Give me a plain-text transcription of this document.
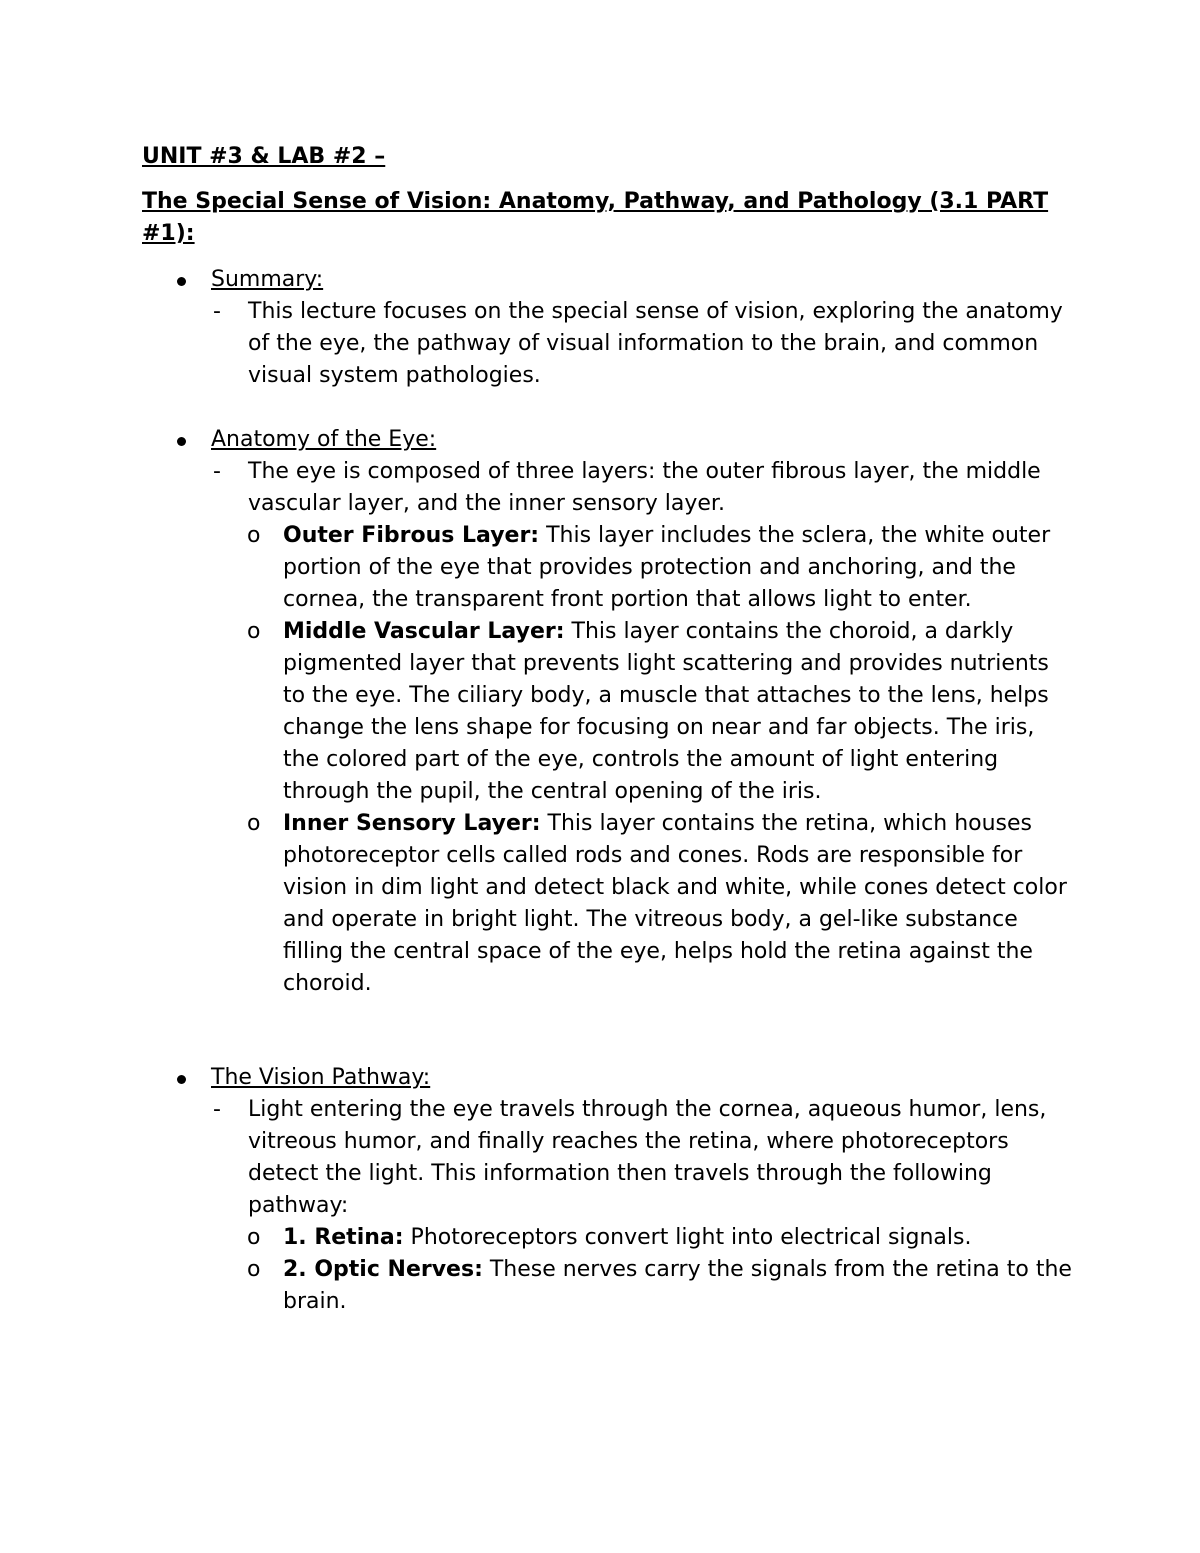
UNIT #3 & LAB #2 –

The Special Sense of Vision: Anatomy, Pathway, and Pathology (3.1 PART #1):

Summary:
- This lecture focuses on the special sense of vision, exploring the anatomy of the eye, the pathway of visual information to the brain, and common visual system pathologies.
Anatomy of the Eye:
- The eye is composed of three layers: the outer fibrous layer, the middle vascular layer, and the inner sensory layer.
o Outer Fibrous Layer: This layer includes the sclera, the white outer portion of the eye that provides protection and anchoring, and the cornea, the transparent front portion that allows light to enter.
o Middle Vascular Layer: This layer contains the choroid, a darkly pigmented layer that prevents light scattering and provides nutrients to the eye. The ciliary body, a muscle that attaches to the lens, helps change the lens shape for focusing on near and far objects. The iris, the colored part of the eye, controls the amount of light entering through the pupil, the central opening of the iris.
o Inner Sensory Layer: This layer contains the retina, which houses photoreceptor cells called rods and cones. Rods are responsible for vision in dim light and detect black and white, while cones detect color and operate in bright light. The vitreous body, a gel-like substance filling the central space of the eye, helps hold the retina against the choroid.
The Vision Pathway:
- Light entering the eye travels through the cornea, aqueous humor, lens, vitreous humor, and finally reaches the retina, where photoreceptors detect the light. This information then travels through the following pathway:
o 1. Retina: Photoreceptors convert light into electrical signals.
o 2. Optic Nerves: These nerves carry the signals from the retina to the brain.
